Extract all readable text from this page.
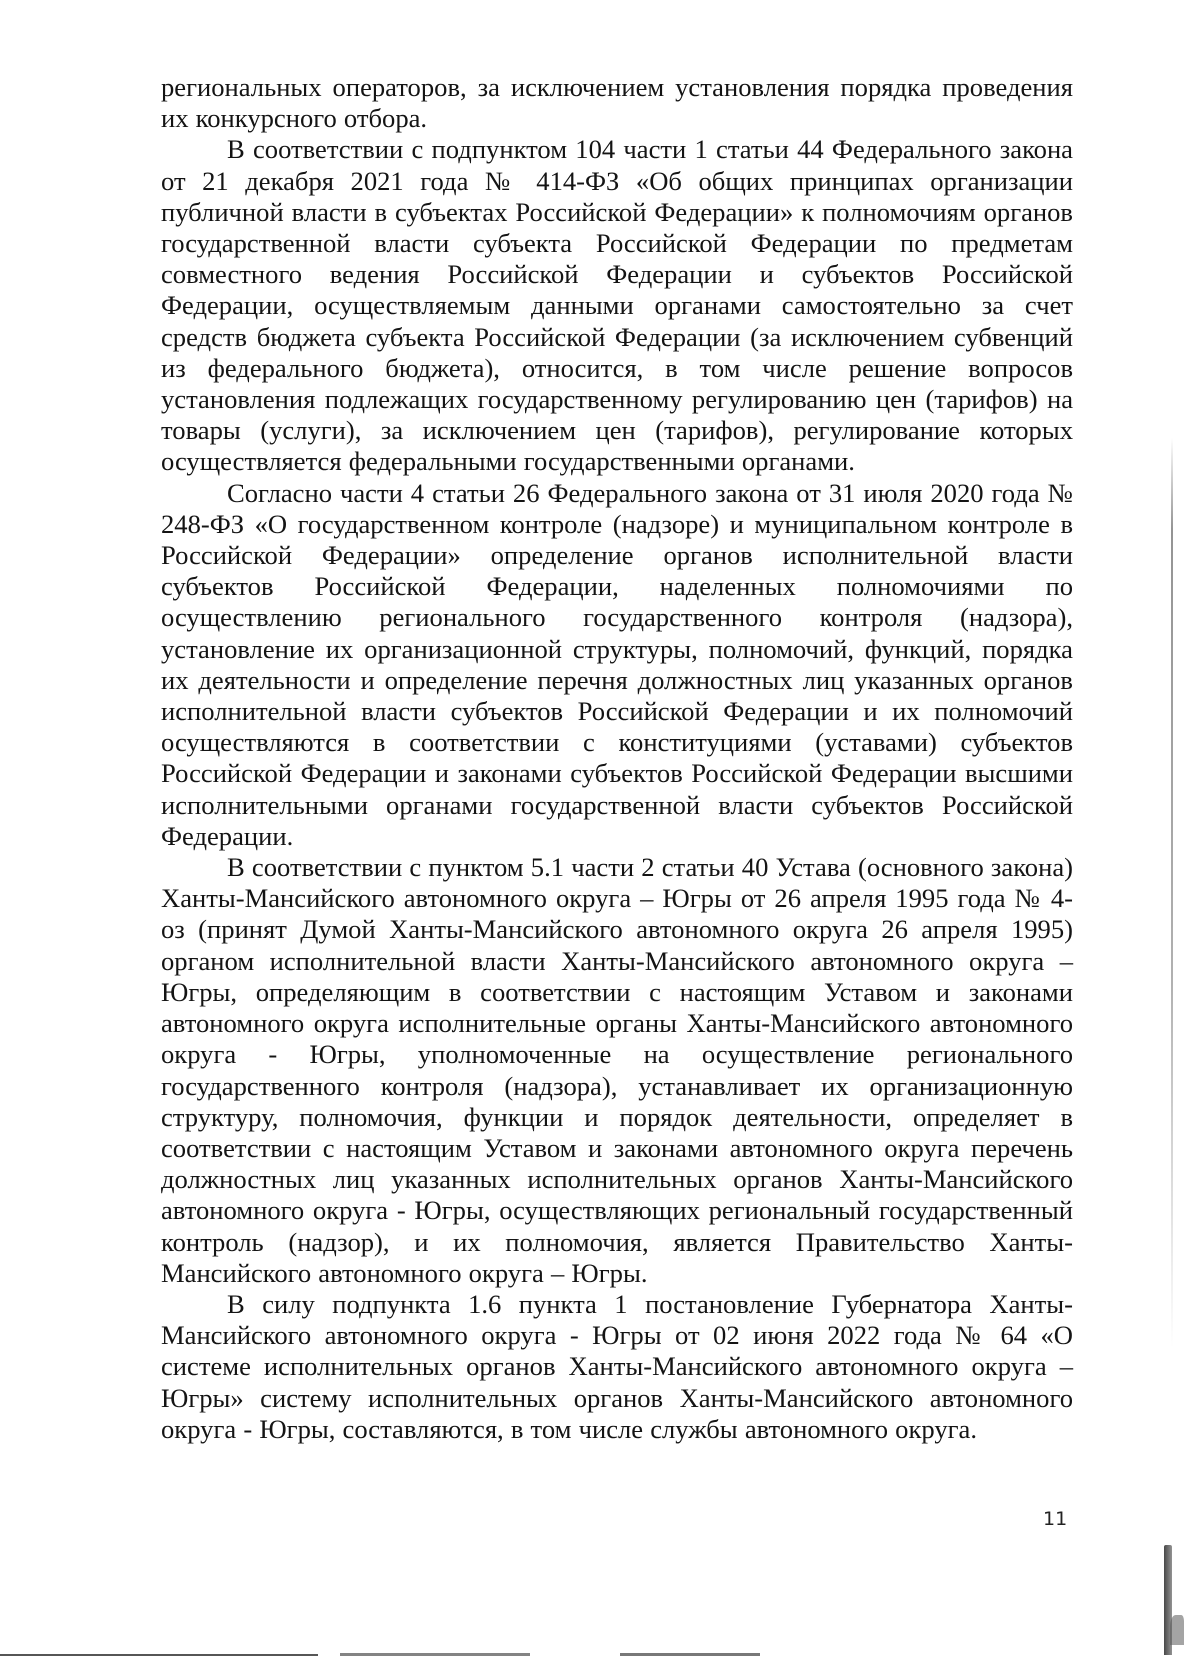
региональных операторов, за исключением установления порядка проведения их конкурсного отбора.

В соответствии с подпунктом 104 части 1 статьи 44 Федерального закона от 21 декабря 2021 года № 414-ФЗ «Об общих принципах организации публичной власти в субъектах Российской Федерации» к полномочиям органов государственной власти субъекта Российской Федерации по предметам совместного ведения Российской Федерации и субъектов Российской Федерации, осуществляемым данными органами самостоятельно за счет средств бюджета субъекта Российской Федерации (за исключением субвенций из федерального бюджета), относится, в том числе решение вопросов установления подлежащих государственному регулированию цен (тарифов) на товары (услуги), за исключением цен (тарифов), регулирование которых осуществляется федеральными государственными органами.

Согласно части 4 статьи 26 Федерального закона от 31 июля 2020 года № 248-ФЗ «О государственном контроле (надзоре) и муниципальном контроле в Российской Федерации» определение органов исполнительной власти субъектов Российской Федерации, наделенных полномочиями по осуществлению регионального государственного контроля (надзора), установление их организационной структуры, полномочий, функций, порядка их деятельности и определение перечня должностных лиц указанных органов исполнительной власти субъектов Российской Федерации и их полномочий осуществляются в соответствии с конституциями (уставами) субъектов Российской Федерации и законами субъектов Российской Федерации высшими исполнительными органами государственной власти субъектов Российской Федерации.

В соответствии с пунктом 5.1 части 2 статьи 40 Устава (основного закона) Ханты-Мансийского автономного округа – Югры от 26 апреля 1995 года № 4-оз (принят Думой Ханты-Мансийского автономного округа 26 апреля 1995) органом исполнительной власти Ханты-Мансийского автономного округа – Югры, определяющим в соответствии с настоящим Уставом и законами автономного округа исполнительные органы Ханты-Мансийского автономного округа - Югры, уполномоченные на осуществление регионального государственного контроля (надзора), устанавливает их организационную структуру, полномочия, функции и порядок деятельности, определяет в соответствии с настоящим Уставом и законами автономного округа перечень должностных лиц указанных исполнительных органов Ханты-Мансийского автономного округа - Югры, осуществляющих региональный государственный контроль (надзор), и их полномочия, является Правительство Ханты-Мансийского автономного округа – Югры.

В силу подпункта 1.6 пункта 1 постановление Губернатора Ханты-Мансийского автономного округа - Югры от 02 июня 2022 года № 64 «О системе исполнительных органов Ханты-Мансийского автономного округа – Югры» систему исполнительных органов Ханты-Мансийского автономного округа - Югры, составляются, в том числе службы автономного округа.

11
